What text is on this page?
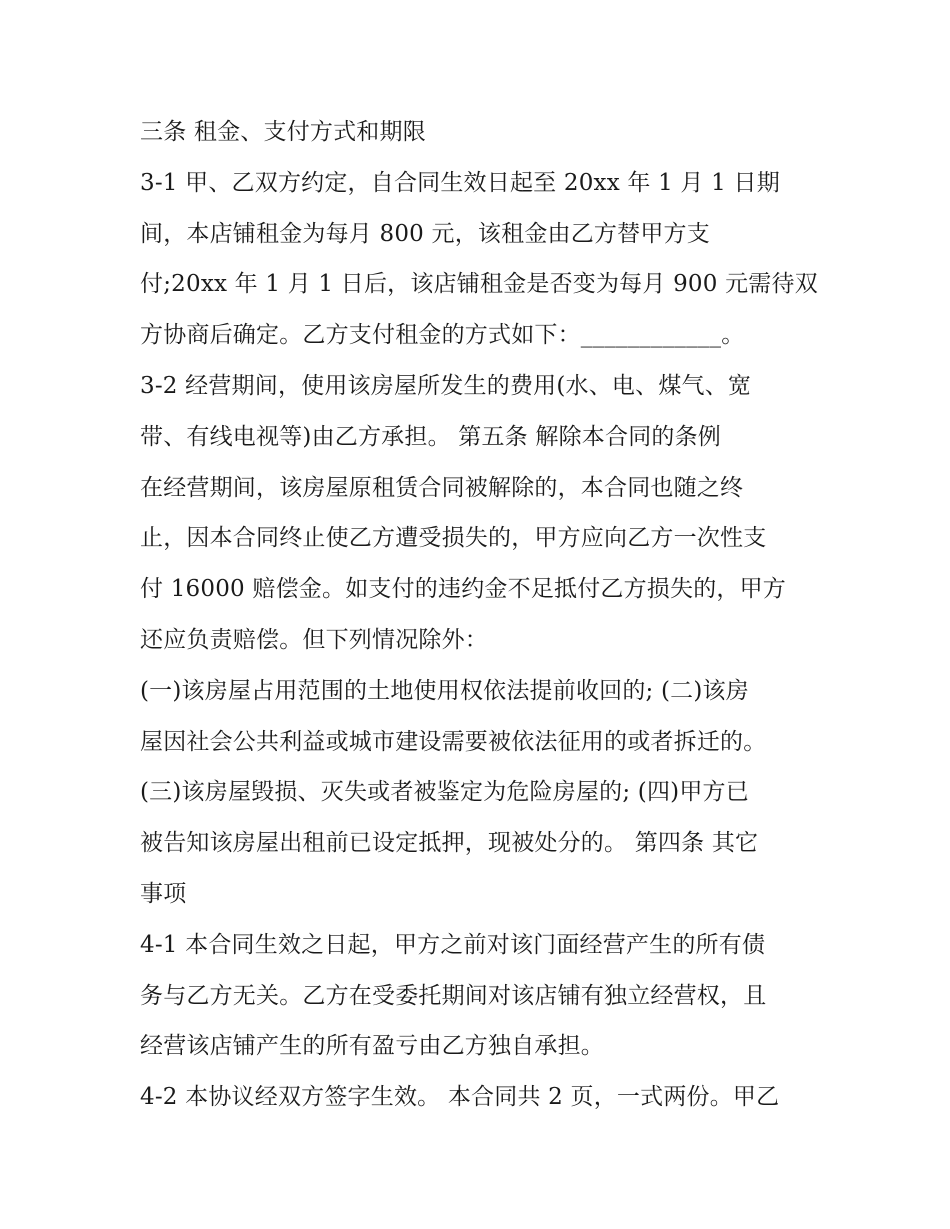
三条 租金、支付方式和期限
3-1 甲、乙双方约定，自合同生效日起至 20xx 年 1 月 1 日期
间，本店铺租金为每月 800 元，该租金由乙方替甲方支
付;20xx 年 1 月 1 日后，该店铺租金是否变为每月 900 元需待双
方协商后确定。乙方支付租金的方式如下：____________。
3-2 经营期间，使用该房屋所发生的费用(水、电、煤气、宽
带、有线电视等)由乙方承担。 第五条 解除本合同的条例
在经营期间，该房屋原租赁合同被解除的，本合同也随之终
止，因本合同终止使乙方遭受损失的，甲方应向乙方一次性支
付 16000 赔偿金。如支付的违约金不足抵付乙方损失的，甲方
还应负责赔偿。但下列情况除外：
(一)该房屋占用范围的土地使用权依法提前收回的; (二)该房
屋因社会公共利益或城市建设需要被依法征用的或者拆迁的。
(三)该房屋毁损、灭失或者被鉴定为危险房屋的; (四)甲方已
被告知该房屋出租前已设定抵押，现被处分的。 第四条 其它
事项
4-1 本合同生效之日起，甲方之前对该门面经营产生的所有债
务与乙方无关。乙方在受委托期间对该店铺有独立经营权，且
经营该店铺产生的所有盈亏由乙方独自承担。
4-2 本协议经双方签字生效。 本合同共 2 页，一式两份。甲乙
